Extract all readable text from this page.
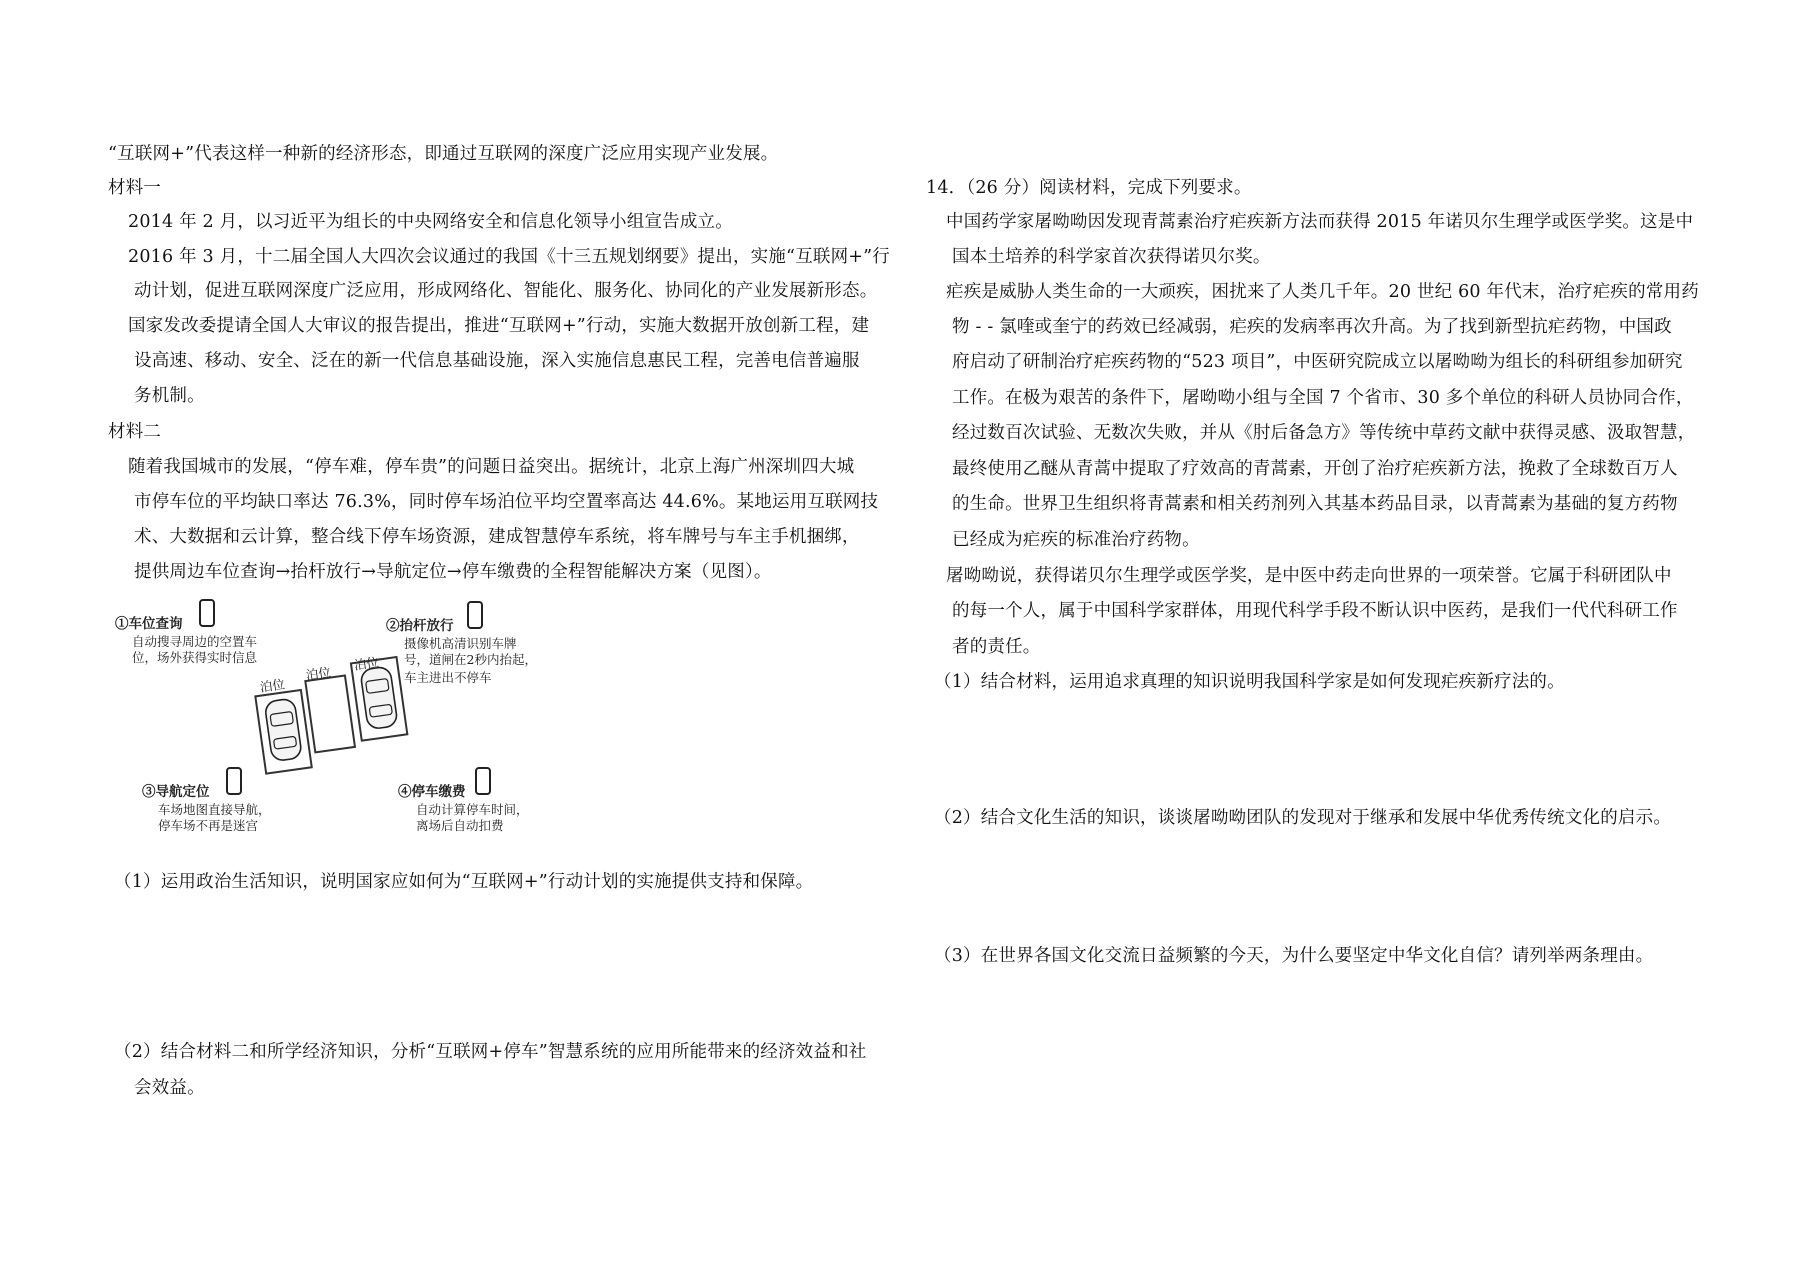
“互联网+”代表这样一种新的经济形态，即通过互联网的深度广泛应用实现产业发展。
材料一
2014 年 2 月，以习近平为组长的中央网络安全和信息化领导小组宣告成立。
2016 年 3 月，十二届全国人大四次会议通过的我国《十三五规划纲要》提出，实施“互联网+”行
动计划，促进互联网深度广泛应用，形成网络化、智能化、服务化、协同化的产业发展新形态。
国家发改委提请全国人大审议的报告提出，推进“互联网+”行动，实施大数据开放创新工程，建
设高速、移动、安全、泛在的新一代信息基础设施，深入实施信息惠民工程，完善电信普遍服
务机制。
材料二
随着我国城市的发展，“停车难，停车贵”的问题日益突出。据统计，北京上海广州深圳四大城
市停车位的平均缺口率达 76.3%，同时停车场泊位平均空置率高达 44.6%。某地运用互联网技
术、大数据和云计算，整合线下停车场资源，建成智慧停车系统，将车牌号与车主手机捆绑，
提供周边车位查询→抬杆放行→导航定位→停车缴费的全程智能解决方案（见图）。
泊位
泊位
泊位
①车位查询
自动搜寻周边的空置车
位，场外获得实时信息
②抬杆放行
摄像机高清识别车牌
号，道闸在2秒内抬起，
车主进出不停车
③导航定位
车场地图直接导航，
停车场不再是迷宫
④停车缴费
自动计算停车时间，
离场后自动扣费
（1）运用政治生活知识，说明国家应如何为“互联网+”行动计划的实施提供支持和保障。
（2）结合材料二和所学经济知识，分析“互联网+停车”智慧系统的应用所能带来的经济效益和社
会效益。
14．（26 分）阅读材料，完成下列要求。
中国药学家屠呦呦因发现青蒿素治疗疟疾新方法而获得 2015 年诺贝尔生理学或医学奖。这是中
国本土培养的科学家首次获得诺贝尔奖。
疟疾是威胁人类生命的一大顽疾，困扰来了人类几千年。20 世纪 60 年代末，治疗疟疾的常用药
物 - - 氯喹或奎宁的药效已经减弱，疟疾的发病率再次升高。为了找到新型抗疟药物，中国政
府启动了研制治疗疟疾药物的“523 项目”，中医研究院成立以屠呦呦为组长的科研组参加研究
工作。在极为艰苦的条件下，屠呦呦小组与全国 7 个省市、30 多个单位的科研人员协同合作，
经过数百次试验、无数次失败，并从《肘后备急方》等传统中草药文献中获得灵感、汲取智慧，
最终使用乙醚从青蒿中提取了疗效高的青蒿素，开创了治疗疟疾新方法，挽救了全球数百万人
的生命。世界卫生组织将青蒿素和相关药剂列入其基本药品目录，以青蒿素为基础的复方药物
已经成为疟疾的标准治疗药物。
屠呦呦说，获得诺贝尔生理学或医学奖，是中医中药走向世界的一项荣誉。它属于科研团队中
的每一个人，属于中国科学家群体，用现代科学手段不断认识中医药，是我们一代代科研工作
者的责任。
（1）结合材料，运用追求真理的知识说明我国科学家是如何发现疟疾新疗法的。
（2）结合文化生活的知识，谈谈屠呦呦团队的发现对于继承和发展中华优秀传统文化的启示。
（3）在世界各国文化交流日益频繁的今天，为什么要坚定中华文化自信？请列举两条理由。
